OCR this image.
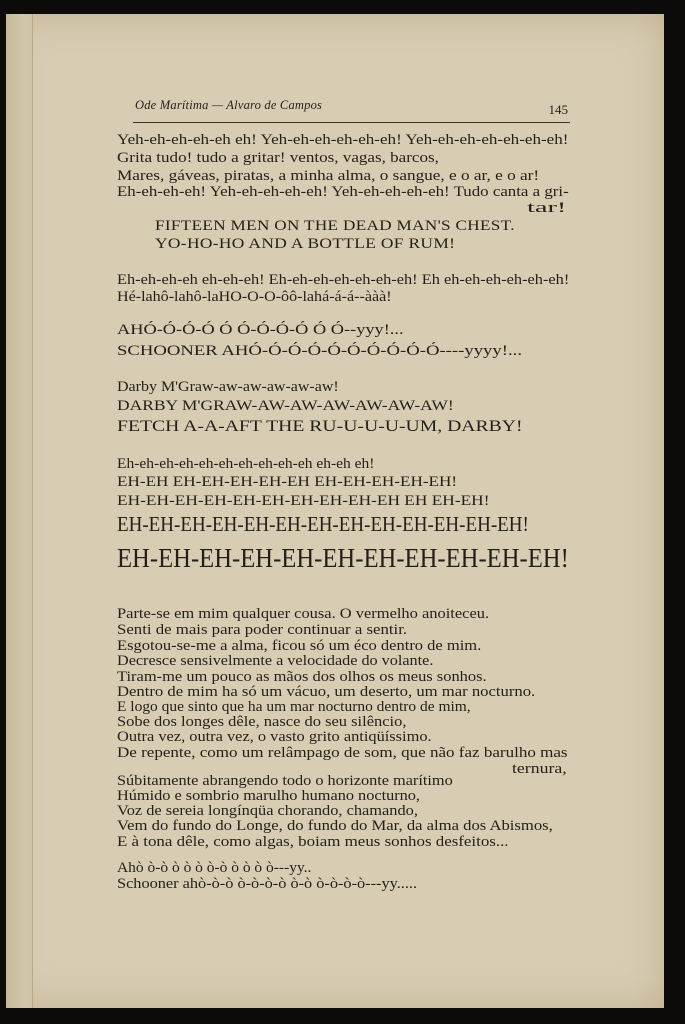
Ode Marítima — Alvaro de Campos	145
Yeh-eh-eh-eh-eh eh! Yeh-eh-eh-eh-eh-eh! Yeh-eh-eh-eh-eh-eh-eh!
Grita tudo! tudo a gritar! ventos, vagas, barcos,
Mares, gáveas, piratas, a minha alma, o sangue, e o ar, e o ar!
Eh-eh-eh-eh! Yeh-eh-eh-eh-eh! Yeh-eh-eh-eh-eh! Tudo canta a gri-
tar!
FIFTEEN MEN ON THE DEAD MAN'S CHEST.
YO-HO-HO AND A BOTTLE OF RUM!
Eh-eh-eh-eh eh-eh-eh! Eh-eh-eh-eh-eh-eh-eh! Eh eh-eh-eh-eh-eh-eh!
Hé-lahô-lahô-laHO-O-O-ôô-lahá-á-á--ààà!
AHÓ-Ó-Ó-Ó Ó Ó-Ó-Ó-Ó Ó Ó--yyy!...
SCHOONER AHÓ-Ó-Ó-Ó-Ó-Ó-Ó-Ó-Ó-Ó----yyyy!...
Darby M'Graw-aw-aw-aw-aw-aw!
DARBY M'GRAW-AW-AW-AW-AW-AW-AW!
FETCH A-A-AFT THE RU-U-U-U-UM, DARBY!
Eh-eh-eh-eh-eh-eh-eh-eh-eh-eh eh-eh eh!
EH-EH EH-EH-EH-EH-EH EH-EH-EH-EH-EH!
EH-EH-EH-EH-EH-EH-EH-EH-EH-EH EH EH-EH!
EH-EH-EH-EH-EH-EH-EH-EH-EH-EH-EH-EH-EH!
EH-EH-EH-EH-EH-EH-EH-EH-EH-EH-EH!
Parte-se em mim qualquer cousa. O vermelho anoiteceu.
Senti de mais para poder continuar a sentir.
Esgotou-se-me a alma, ficou só um éco dentro de mim.
Decresce sensivelmente a velocidade do volante.
Tiram-me um pouco as mãos dos olhos os meus sonhos.
Dentro de mim ha só um vácuo, um deserto, um mar nocturno.
E logo que sinto que ha um mar nocturno dentro de mim,
Sobe dos longes dêle, nasce do seu silêncio,
Outra vez, outra vez, o vasto grito antiqüíssimo.
De repente, como um relâmpago de som, que não faz barulho mas
ternura,
Súbitamente abrangendo todo o horizonte marítimo
Húmido e sombrio marulho humano nocturno,
Voz de sereia longínqüa chorando, chamando,
Vem do fundo do Longe, do fundo do Mar, da alma dos Abismos,
E à tona dêle, como algas, boiam meus sonhos desfeitos...
Ahò ò-ò ò ò ò ò-ò ò ò ò ò---yy..
Schooner ahò-ò-ò ò-ò-ò-ò ò-ò ò-ò-ò-ò---yy.....
